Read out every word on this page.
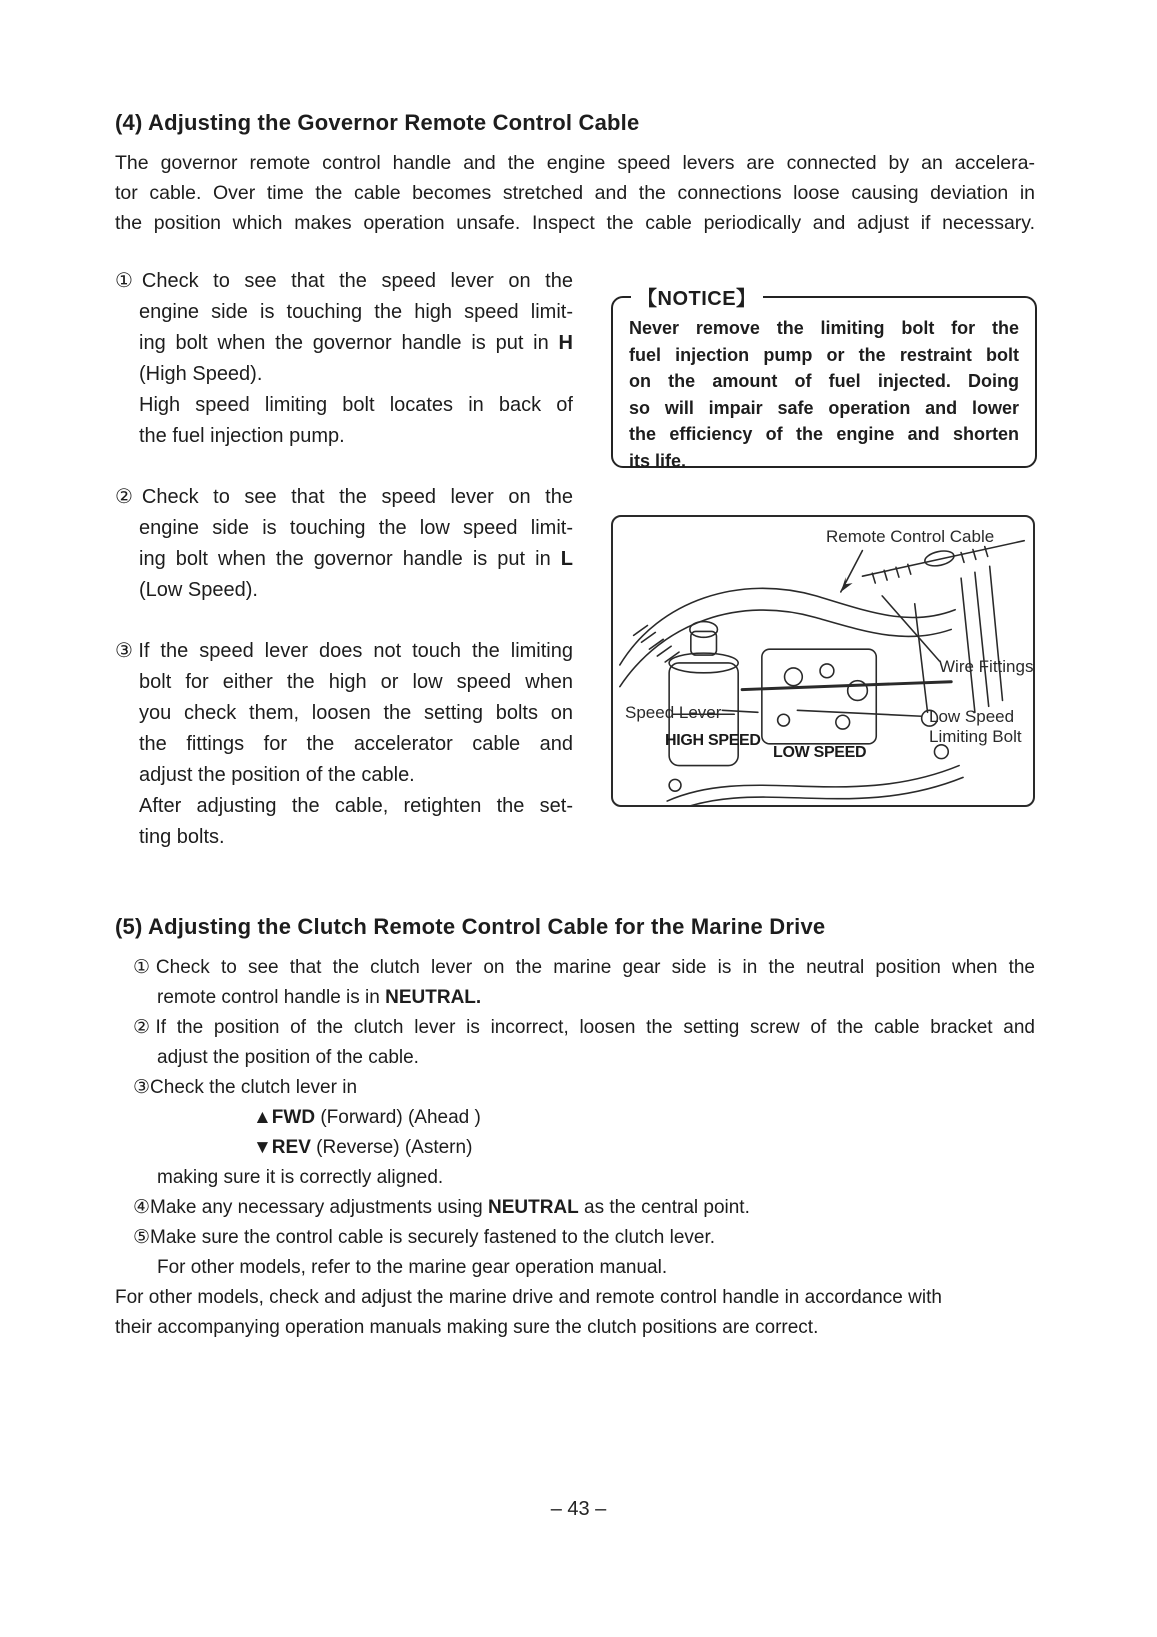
(4) Adjusting the Governor Remote Control Cable
The governor remote control handle and the engine speed levers are connected by an accelera-
tor cable. Over time the cable becomes stretched and the connections loose causing deviation in
the position which makes operation unsafe. Inspect the cable periodically and adjust if necessary.
①Check to see that the speed lever on the
engine side is touching the high speed limit-
ing bolt when the governor handle is put in H
(High Speed).
High speed limiting bolt locates in back of
the fuel injection pump.
②Check to see that the speed lever on the
engine side is touching the low speed limit-
ing bolt when the governor handle is put in L
(Low Speed).
③If the speed lever does not touch the limiting
bolt for either the high or low speed when
you check them, loosen the setting bolts on
the fittings for the accelerator cable and
adjust the position of the cable.
After adjusting the cable, retighten the set-
ting bolts.
【NOTICE】
Never remove the limiting bolt for the
fuel injection pump or the restraint bolt
on the amount of fuel injected. Doing
so will impair safe operation and lower
the efficiency of the engine and shorten
its life.
Remote Control Cable
Wire Fittings
Speed Lever
HIGH SPEED
LOW SPEED
Low Speed
Limiting Bolt
(5) Adjusting the Clutch Remote Control Cable for the Marine Drive
①Check to see that the clutch lever on the marine gear side is in the neutral position when the
remote control handle is in NEUTRAL.
②If the position of the clutch lever is incorrect, loosen the setting screw of the cable bracket and
adjust the position of the cable.
③Check the clutch lever in
▲FWD (Forward) (Ahead )
▼REV (Reverse) (Astern)
making sure it is correctly aligned.
④Make any necessary adjustments using NEUTRAL as the central point.
⑤Make sure the control cable is securely fastened to the clutch lever.
For other models, refer to the marine gear operation manual.
For other models, check and adjust the marine drive and remote control handle in accordance with
their accompanying operation manuals making sure the clutch positions are correct.
– 43 –
